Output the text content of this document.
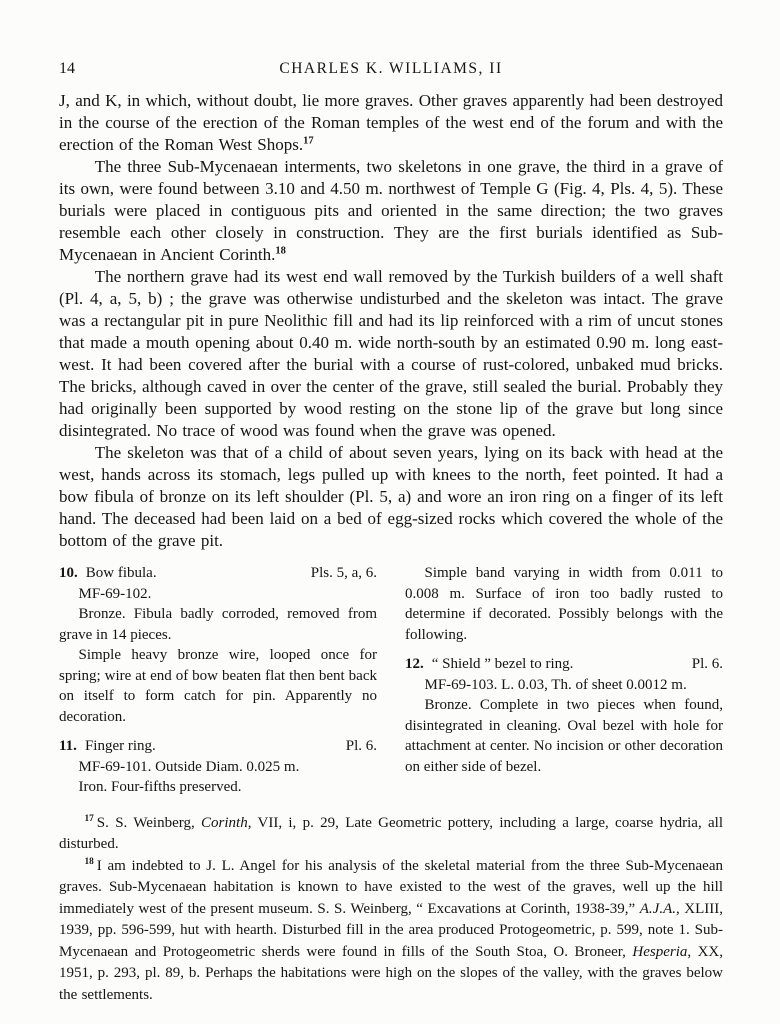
14	CHARLES K. WILLIAMS, II

J, and K, in which, without doubt, lie more graves. Other graves apparently had been destroyed in the course of the erection of the Roman temples of the west end of the forum and with the erection of the Roman West Shops.$^{17}$

The three Sub-Mycenaean interments, two skeletons in one grave, the third in a grave of its own, were found between 3.10 and 4.50 m. northwest of Temple G (Fig. 4, Pls. 4, 5). These burials were placed in contiguous pits and oriented in the same direction; the two graves resemble each other closely in construction. They are the first burials identified as Sub-Mycenaean in Ancient Corinth.$^{18}$

The northern grave had its west end wall removed by the Turkish builders of a well shaft (Pl. 4, a, 5, b) ; the grave was otherwise undisturbed and the skeleton was intact. The grave was a rectangular pit in pure Neolithic fill and had its lip reinforced with a rim of uncut stones that made a mouth opening about 0.40 m. wide north-south by an estimated 0.90 m. long east-west. It had been covered after the burial with a course of rust-colored, unbaked mud bricks. The bricks, although caved in over the center of the grave, still sealed the burial. Probably they had originally been supported by wood resting on the stone lip of the grave but long since disintegrated. No trace of wood was found when the grave was opened.

The skeleton was that of a child of about seven years, lying on its back with head at the west, hands across its stomach, legs pulled up with knees to the north, feet pointed. It had a bow fibula of bronze on its left shoulder (Pl. 5, a) and wore an iron ring on a finger of its left hand. The deceased had been laid on a bed of egg-sized rocks which covered the whole of the bottom of the grave pit.

10. Bow fibula.	Pls. 5, a, 6.

MF-69-102.

Bronze. Fibula badly corroded, removed from grave in 14 pieces.

Simple heavy bronze wire, looped once for spring; wire at end of bow beaten flat then bent back on itself to form catch for pin. Apparently no decoration.

11. Finger ring.	Pl. 6.

MF-69-101. Outside Diam. 0.025 m.

Iron. Four-fifths preserved.

Simple band varying in width from 0.011 to 0.008 m. Surface of iron too badly rusted to determine if decorated. Possibly belongs with the following.

12. “ Shield ” bezel to ring.	Pl. 6.

MF-69-103. L. 0.03, Th. of sheet 0.0012 m.

Bronze. Complete in two pieces when found, disintegrated in cleaning. Oval bezel with hole for attachment at center. No incision or other decoration on either side of bezel.

$^{17}$ S. S. Weinberg, Corinth, VII, i, p. 29, Late Geometric pottery, including a large, coarse hydria, all disturbed.

$^{18}$ I am indebted to J. L. Angel for his analysis of the skeletal material from the three Sub-Mycenaean graves. Sub-Mycenaean habitation is known to have existed to the west of the graves, well up the hill immediately west of the present museum. S. S. Weinberg, “ Excavations at Corinth, 1938-39,” A.J.A., XLIII, 1939, pp. 596-599, hut with hearth. Disturbed fill in the area produced Protogeometric, p. 599, note 1. Sub-Mycenaean and Protogeometric sherds were found in fills of the South Stoa, O. Broneer, Hesperia, XX, 1951, p. 293, pl. 89, b. Perhaps the habitations were high on the slopes of the valley, with the graves below the settlements.
